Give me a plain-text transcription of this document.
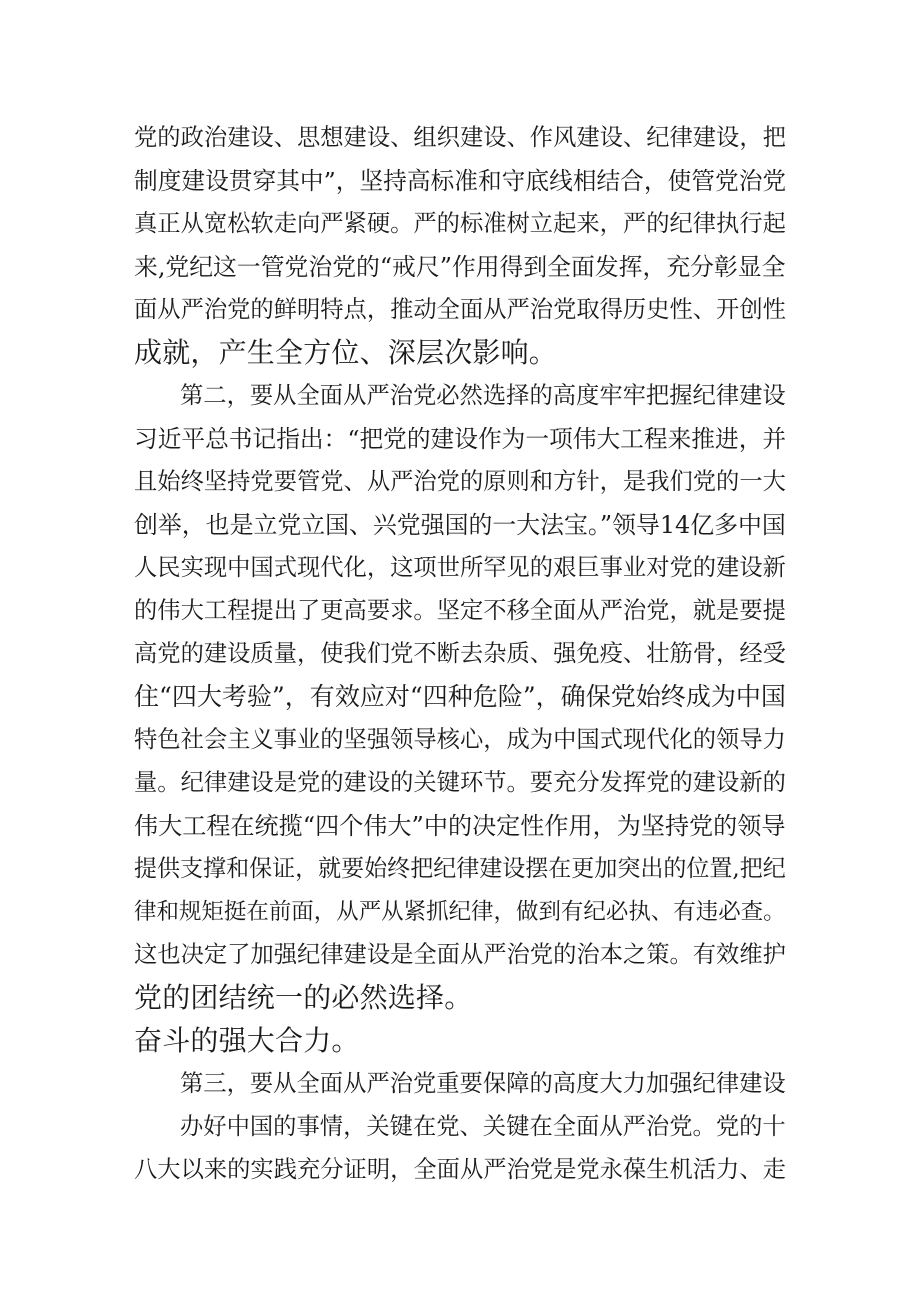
党的政治建设、思想建设、组织建设、作风建设、纪律建设，把
制度建设贯穿其中”，坚持高标准和守底线相结合，使管党治党
真正从宽松软走向严紧硬。严的标准树立起来，严的纪律执行起
来,党纪这一管党治党的“戒尺”作用得到全面发挥，充分彰显全
面从严治党的鲜明特点，推动全面从严治党取得历史性、开创性
成就，产生全方位、深层次影响。
第二，要从全面从严治党必然选择的高度牢牢把握纪律建设
习近平总书记指出：“把党的建设作为一项伟大工程来推进，并
且始终坚持党要管党、从严治党的原则和方针，是我们党的一大
创举，也是立党立国、兴党强国的一大法宝。”领导14亿多中国
人民实现中国式现代化，这项世所罕见的艰巨事业对党的建设新
的伟大工程提出了更高要求。坚定不移全面从严治党，就是要提
高党的建设质量，使我们党不断去杂质、强免疫、壮筋骨，经受
住“四大考验”，有效应对“四种危险”，确保党始终成为中国
特色社会主义事业的坚强领导核心，成为中国式现代化的领导力
量。纪律建设是党的建设的关键环节。要充分发挥党的建设新的
伟大工程在统揽“四个伟大”中的决定性作用，为坚持党的领导
提供支撑和保证，就要始终把纪律建设摆在更加突出的位置,把纪
律和规矩挺在前面，从严从紧抓纪律，做到有纪必执、有违必查。
这也决定了加强纪律建设是全面从严治党的治本之策。有效维护
党的团结统一的必然选择。
奋斗的强大合力。
第三，要从全面从严治党重要保障的高度大力加强纪律建设
办好中国的事情，关键在党、关键在全面从严治党。党的十
八大以来的实践充分证明，全面从严治党是党永葆生机活力、走
